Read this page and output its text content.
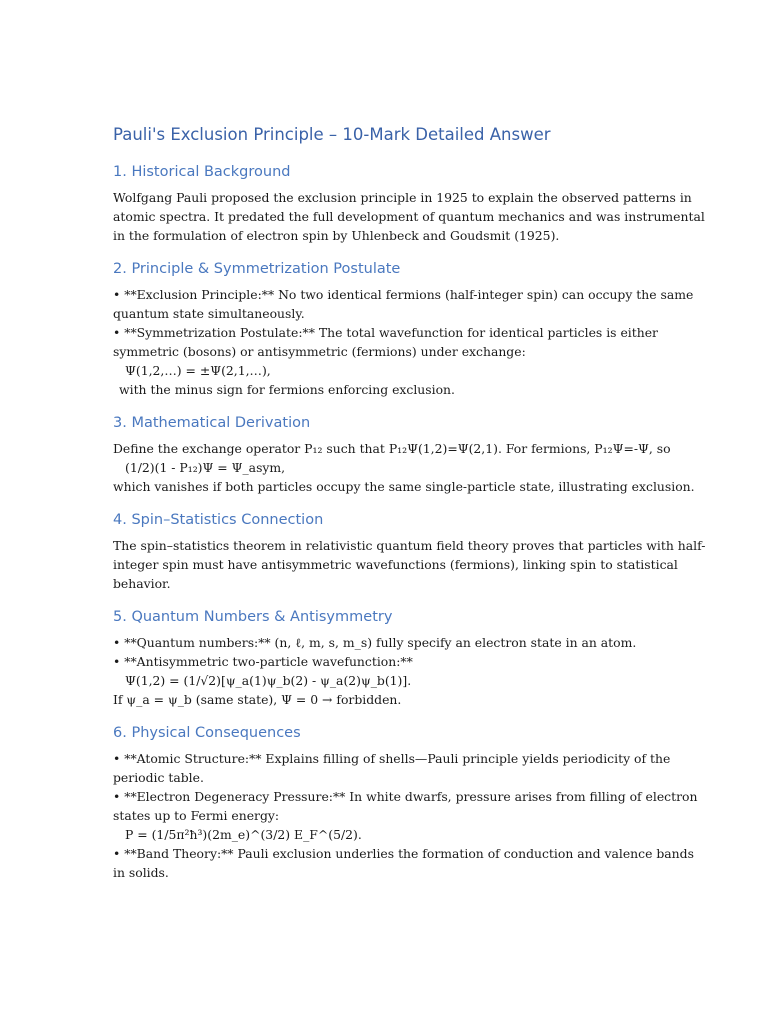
Pauli's Exclusion Principle – 10-Mark Detailed Answer
1. Historical Background

Wolfgang Pauli proposed the exclusion principle in 1925 to explain the observed patterns in atomic spectra. It predated the full development of quantum mechanics and was instrumental in the formulation of electron spin by Uhlenbeck and Goudsmit (1925).

2. Principle & Symmetrization Postulate

• **Exclusion Principle:** No two identical fermions (half-integer spin) can occupy the same quantum state simultaneously.

• **Symmetrization Postulate:** The total wavefunction for identical particles is either symmetric (bosons) or antisymmetric (fermions) under exchange:

Ψ(1,2,…) = ±Ψ(2,1,…),

with the minus sign for fermions enforcing exclusion.

3. Mathematical Derivation

Define the exchange operator P₁₂ such that P₁₂Ψ(1,2)=Ψ(2,1). For fermions, P₁₂Ψ=-Ψ, so

(1/2)(1 - P₁₂)Ψ = Ψ_asym,

which vanishes if both particles occupy the same single-particle state, illustrating exclusion.

4. Spin–Statistics Connection

The spin–statistics theorem in relativistic quantum field theory proves that particles with half-integer spin must have antisymmetric wavefunctions (fermions), linking spin to statistical behavior.

5. Quantum Numbers & Antisymmetry

• **Quantum numbers:** (n, ℓ, m, s, m_s) fully specify an electron state in an atom.

• **Antisymmetric two-particle wavefunction:**

Ψ(1,2) = (1/√2)[ψ_a(1)ψ_b(2) - ψ_a(2)ψ_b(1)].

If ψ_a = ψ_b (same state), Ψ = 0 → forbidden.

6. Physical Consequences

• **Atomic Structure:** Explains filling of shells—Pauli principle yields periodicity of the periodic table.

• **Electron Degeneracy Pressure:** In white dwarfs, pressure arises from filling of electron states up to Fermi energy:

P = (1/5π²ħ³)(2m_e)^(3/2) E_F^(5/2).

• **Band Theory:** Pauli exclusion underlies the formation of conduction and valence bands in solids.
